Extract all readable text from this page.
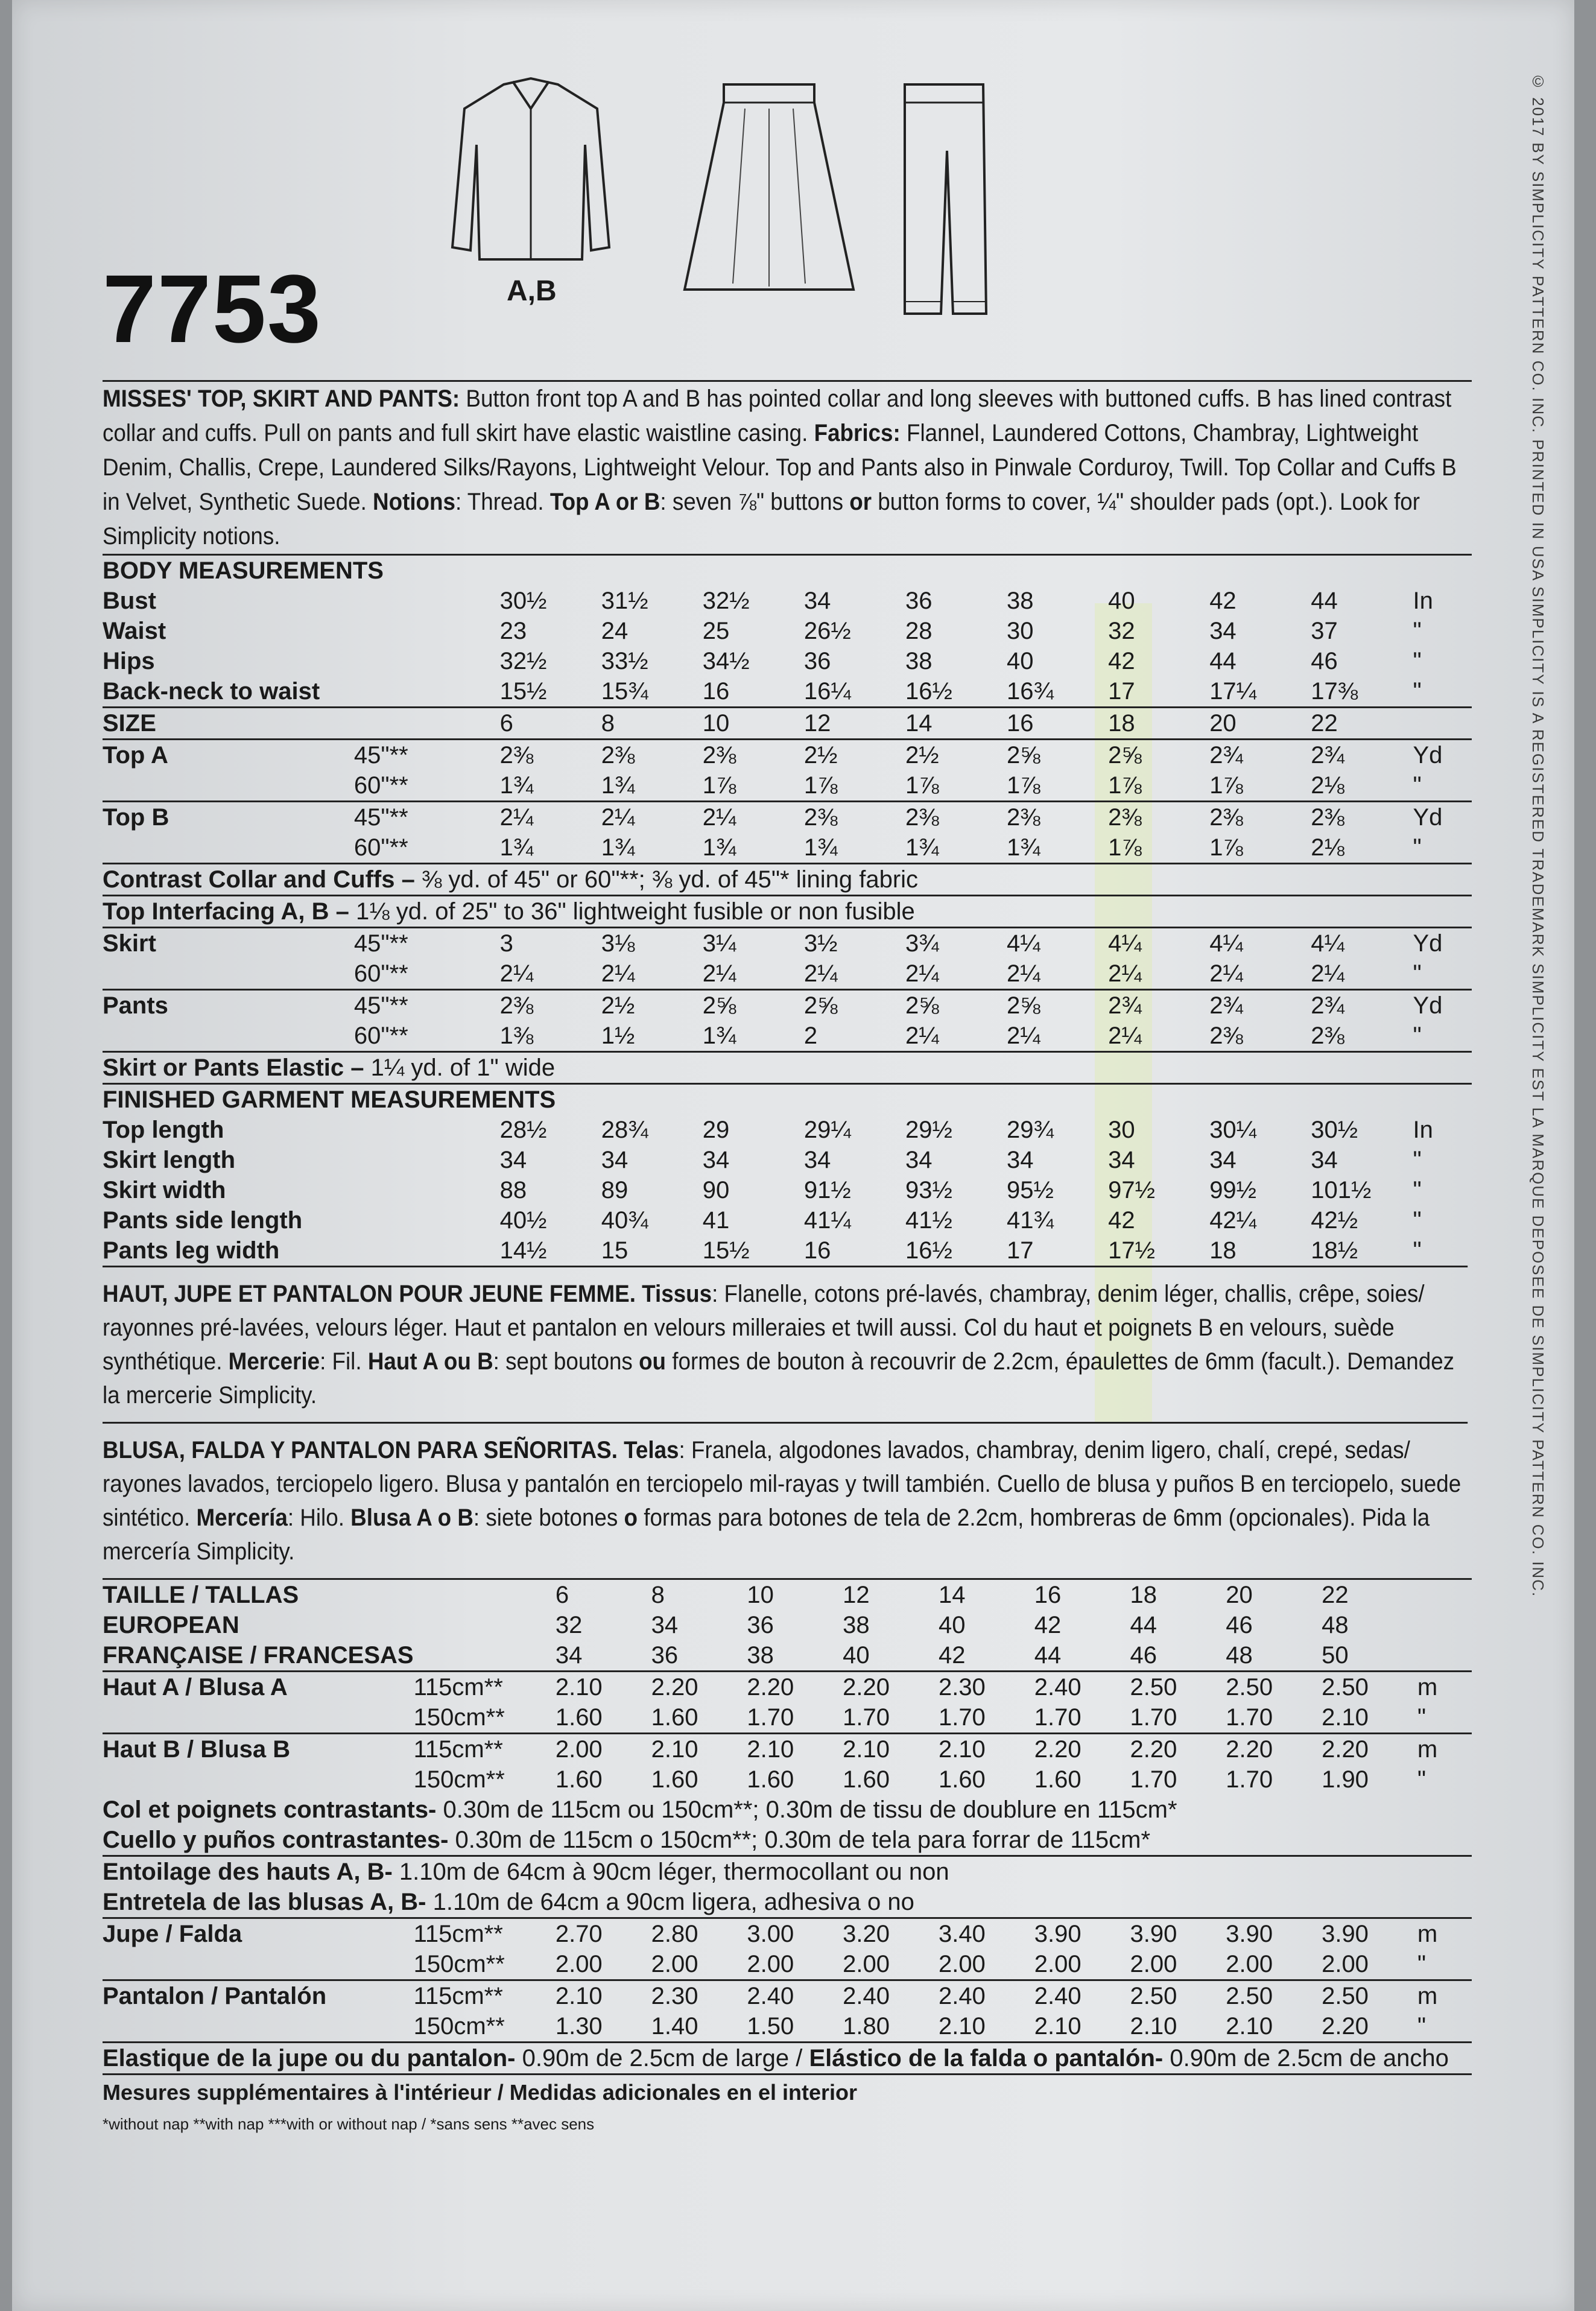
7753	A,B	© 2017 BY SIMPLICITY PATTERN CO. INC. PRINTED IN USA SIMPLICITY IS A REGISTERED TRADEMARK SIMPLICITY EST LA MARQUE DEPOSEE DE SIMPLICITY PATTERN CO. INC.
MISSES' TOP, SKIRT AND PANTS: Button front top A and B has pointed collar and long sleeves with buttoned cuffs. B has lined contrast collar and cuffs. Pull on pants and full skirt have elastic waistline casing. Fabrics: Flannel, Laundered Cottons, Chambray, Lightweight Denim, Challis, Crepe, Laundered Silks/Rayons, Lightweight Velour. Top and Pants also in Pinwale Corduroy, Twill. Top Collar and Cuffs B in Velvet, Synthetic Suede. Notions: Thread. Top A or B: seven ⅞" buttons or button forms to cover, ¼" shoulder pads (opt.). Look for Simplicity notions.
BODY MEASUREMENTS											
Bust		30½	31½	32½	34	36	38	40	42	44	In
Waist		23	24	25	26½	28	30	32	34	37	"
Hips		32½	33½	34½	36	38	40	42	44	46	"
Back-neck to waist		15½	15¾	16	16¼	16½	16¾	17	17¼	17⅜	"
SIZE		6	8	10	12	14	16	18	20	22	
Top A	45"**	2⅜	2⅜	2⅜	2½	2½	2⅝	2⅝	2¾	2¾	Yd
	60"**	1¾	1¾	1⅞	1⅞	1⅞	1⅞	1⅞	1⅞	2⅛	"
Top B	45"**	2¼	2¼	2¼	2⅜	2⅜	2⅜	2⅜	2⅜	2⅜	Yd
	60"**	1¾	1¾	1¾	1¾	1¾	1¾	1⅞	1⅞	2⅛	"
Contrast Collar and Cuffs – ⅜ yd. of 45" or 60"**; ⅜ yd. of 45"* lining fabric											
Top Interfacing A, B – 1⅛ yd. of 25" to 36" lightweight fusible or non fusible											
Skirt	45"**	3	3⅛	3¼	3½	3¾	4¼	4¼	4¼	4¼	Yd
	60"**	2¼	2¼	2¼	2¼	2¼	2¼	2¼	2¼	2¼	"
Pants	45"**	2⅜	2½	2⅝	2⅝	2⅝	2⅝	2¾	2¾	2¾	Yd
	60"**	1⅜	1½	1¾	2	2¼	2¼	2¼	2⅜	2⅜	"
Skirt or Pants Elastic – 1¼ yd. of 1" wide											
FINISHED GARMENT MEASUREMENTS											
Top length		28½	28¾	29	29¼	29½	29¾	30	30¼	30½	In
Skirt length		34	34	34	34	34	34	34	34	34	"
Skirt width		88	89	90	91½	93½	95½	97½	99½	101½	"
Pants side length		40½	40¾	41	41¼	41½	41¾	42	42¼	42½	"
Pants leg width		14½	15	15½	16	16½	17	17½	18	18½	"
HAUT, JUPE ET PANTALON POUR JEUNE FEMME. Tissus: Flanelle, cotons pré-lavés, chambray, denim léger, challis, crêpe, soies/ rayonnes pré-lavées, velours léger. Haut et pantalon en velours milleraies et twill aussi. Col du haut et poignets B en velours, suède synthétique. Mercerie: Fil. Haut A ou B: sept boutons ou formes de bouton à recouvrir de 2.2cm, épaulettes de 6mm (facult.). Demandez la mercerie Simplicity.
BLUSA, FALDA Y PANTALON PARA SEÑORITAS. Telas: Franela, algodones lavados, chambray, denim ligero, chalí, crepé, sedas/ rayones lavados, terciopelo ligero. Blusa y pantalón en terciopelo mil-rayas y twill también. Cuello de blusa y puños B en terciopelo, suede sintético. Mercería: Hilo. Blusa A o B: siete botones o formas para botones de tela de 2.2cm, hombreras de 6mm (opcionales). Pida la mercería Simplicity.
TAILLE / TALLAS		6	8	10	12	14	16	18	20	22	
EUROPEAN		32	34	36	38	40	42	44	46	48	
FRANÇAISE / FRANCESAS		34	36	38	40	42	44	46	48	50	
Haut A / Blusa A	115cm**	2.10	2.20	2.20	2.20	2.30	2.40	2.50	2.50	2.50	m
	150cm**	1.60	1.60	1.70	1.70	1.70	1.70	1.70	1.70	2.10	"
Haut B / Blusa B	115cm**	2.00	2.10	2.10	2.10	2.10	2.20	2.20	2.20	2.20	m
	150cm**	1.60	1.60	1.60	1.60	1.60	1.60	1.70	1.70	1.90	"
Col et poignets contrastants- 0.30m de 115cm ou 150cm**; 0.30m de tissu de doublure en 115cm*											
Cuello y puños contrastantes- 0.30m de 115cm o 150cm**; 0.30m de tela para forrar de 115cm*											
Entoilage des hauts A, B- 1.10m de 64cm à 90cm léger, thermocollant ou non											
Entretela de las blusas A, B- 1.10m de 64cm a 90cm ligera, adhesiva o no											
Jupe / Falda	115cm**	2.70	2.80	3.00	3.20	3.40	3.90	3.90	3.90	3.90	m
	150cm**	2.00	2.00	2.00	2.00	2.00	2.00	2.00	2.00	2.00	"
Pantalon / Pantalón	115cm**	2.10	2.30	2.40	2.40	2.40	2.40	2.50	2.50	2.50	m
	150cm**	1.30	1.40	1.50	1.80	2.10	2.10	2.10	2.10	2.20	"
Elastique de la jupe ou du pantalon- 0.90m de 2.5cm de large / Elástico de la falda o pantalón- 0.90m de 2.5cm de ancho											
Mesures supplémentaires à l'intérieur / Medidas adicionales en el interior
*without nap **with nap ***with or without nap / *sans sens **avec sens
